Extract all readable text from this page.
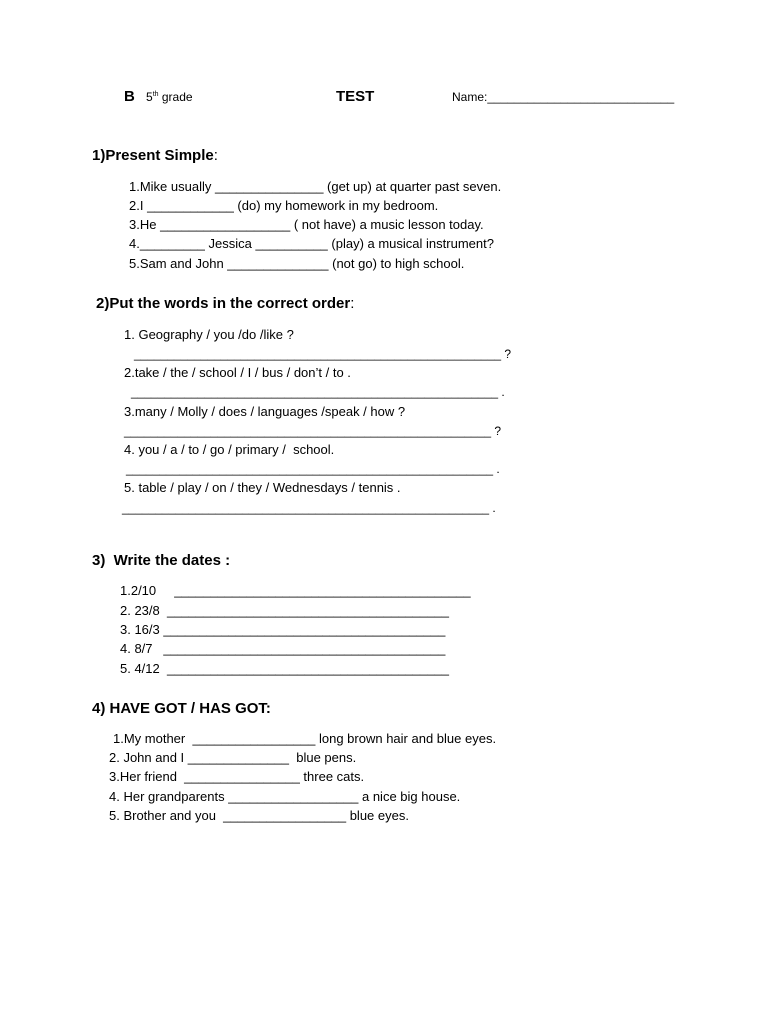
B 5th grade	TEST	Name:____________________________
1)Present Simple:
1.Mike usually _______________ (get up) at quarter past seven.
2.I ____________ (do) my homework in my bedroom.
3.He __________________ ( not have) a music lesson today.
4._________ Jessica __________ (play) a musical instrument?
5.Sam and John ______________ (not go) to high school.
2)Put the words in the correct order:
1. Geography / you /do /like ?
_______________________________________________________ ?
2.take / the / school / I / bus / don’t / to .
_______________________________________________________ .
3.many / Molly / does / languages /speak / how ?
_______________________________________________________ ?
4. you / a / to / go / primary /  school.
_______________________________________________________ .
5. table / play / on / they / Wednesdays / tennis .
_______________________________________________________ .
3)  Write the dates :
1.2/10     _________________________________________
2. 23/8  _______________________________________
3. 16/3 _______________________________________
4. 8/7   _______________________________________
5. 4/12  _______________________________________
4) HAVE GOT / HAS GOT:
1.My mother  _________________ long brown hair and blue eyes.
2. John and I ______________  blue pens.
3.Her friend  ________________ three cats.
4. Her grandparents __________________ a nice big house.
5. Brother and you  _________________ blue eyes.
